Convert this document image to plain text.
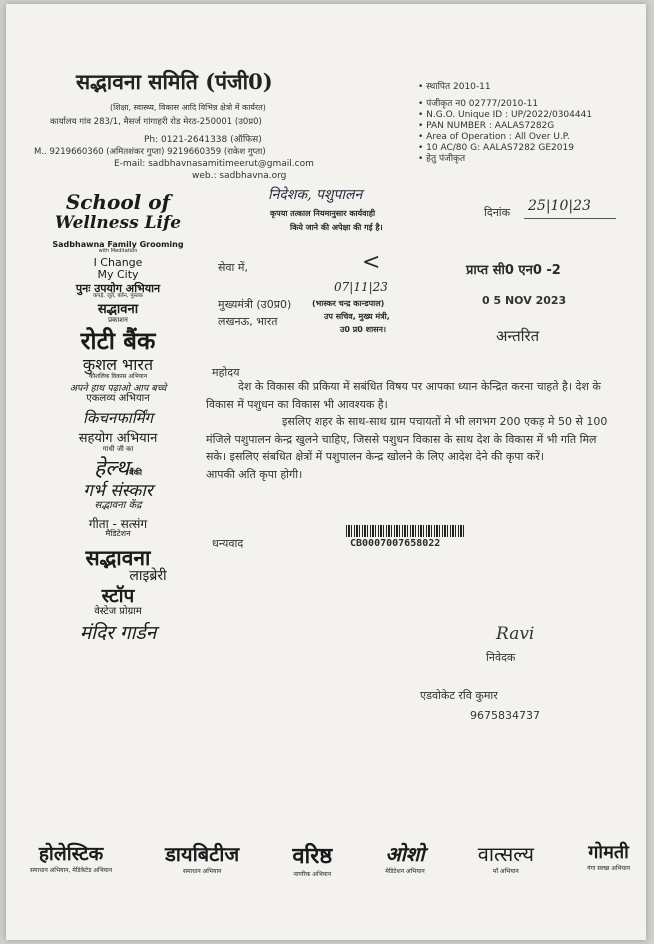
सद्भावना समिति (पंजी0)
(शिक्षा, स्वास्थ्य, विकास आदि विभिन्न क्षेत्रो में कार्यरत)
कार्यालय गांव 283/1, मैसर्ज गांगाहरी रोड मेरठ-250001 (उ0प्र0)
Ph: 0121-2641338 (ऑफिस)
M.. 9219660360 (अमितशंकर गुप्ता) 9219660359 (राकेश गुप्ता)
E-mail: sadbhavnasamitimeerut@gmail.com
web.: sadbhavna.org
• स्थापित 2010-11
• पंजीकृत न0 02777/2010-11
• N.G.O. Unique ID : UP/2022/0304441
• PAN NUMBER : AALAS7282G
• Area of Operation : All Over U.P.
• 10 AC/80 G: AALAS7282 GE2019
• हेतु पंजीकृत
School of
Wellness Life
Sadbhawna Family Grooming
with Meditation
I Change
My City
पुनः उपयोग अभियान
कपड़े, जूते, बर्तन, पुस्तक
सद्भावना
प्रकाशन
रोटी बैंक
कुशल भारत
कौशलिक विकास अभियान
अपने हाथ पढ़ाओ आप बच्चे
एकलव्य अभियान
किचनफार्मिंग
सहयोग अभियान
गाधी जी का
हेल्थबैंकी
गर्भ संस्कार
सद्भावना केंद्र
गीता - सत्संग
मैडिटेशन
सद्भावना
लाइब्रेरी
स्टॉप
वेस्टेज प्रोग्राम
मंदिर गार्डन
निदेशक, पशुपालन
कृपया तत्काल नियमानुसार कार्यवाही
किये जाने की अपेक्षा की गई है।
दिनांक 25|10|23
सेवा में,	<	प्राप्त सी0 एन0 -2
07|11|23
0 5 NOV 2023
मुख्यमंत्री (उ0प्र0)
लखनऊ, भारत
(भास्कर चन्द्र कान्डपाल)
उप सचिव, मुख्य मंत्री,
उ0 प्र0 शासन।	अन्तरित
महोदय
देश के विकास की प्रकिया में सबंधित विषय पर आपका ध्यान केन्द्रित करना चाहते है। देश के विकास में पशुधन का विकास भी आवश्यक है।
इसलिए शहर के साथ-साथ ग्राम पचायतों मे भी लगभग 200 एकड़ मे 50 से 100 मंजिले पशुपालन केन्द्र खुलने चाहिए, जिससे पशुधन विकास के साथ देश के विकास में भी गति मिल सके। इसलिए संबधित क्षेत्रों में पशुपालन केन्द्र खोलने के लिए आदेश देने की कृपा करें।
आपकी अति कृपा होगी।
धन्यवाद	CB0007007658022
Ravi
निवेदक
एडवोकेट रवि कुमार
9675834737
होलेस्टिक
समाधान अभियान, मेडिकेटेड अभियान
डायबिटीज
समाधान अभियान
वरिष्ठ
नागरिक अभियान
ओशो
मेडिटेशन अभियान
वात्सल्य
माँ अभियान
गोमती
गंगा स्वच्छ अभियान
